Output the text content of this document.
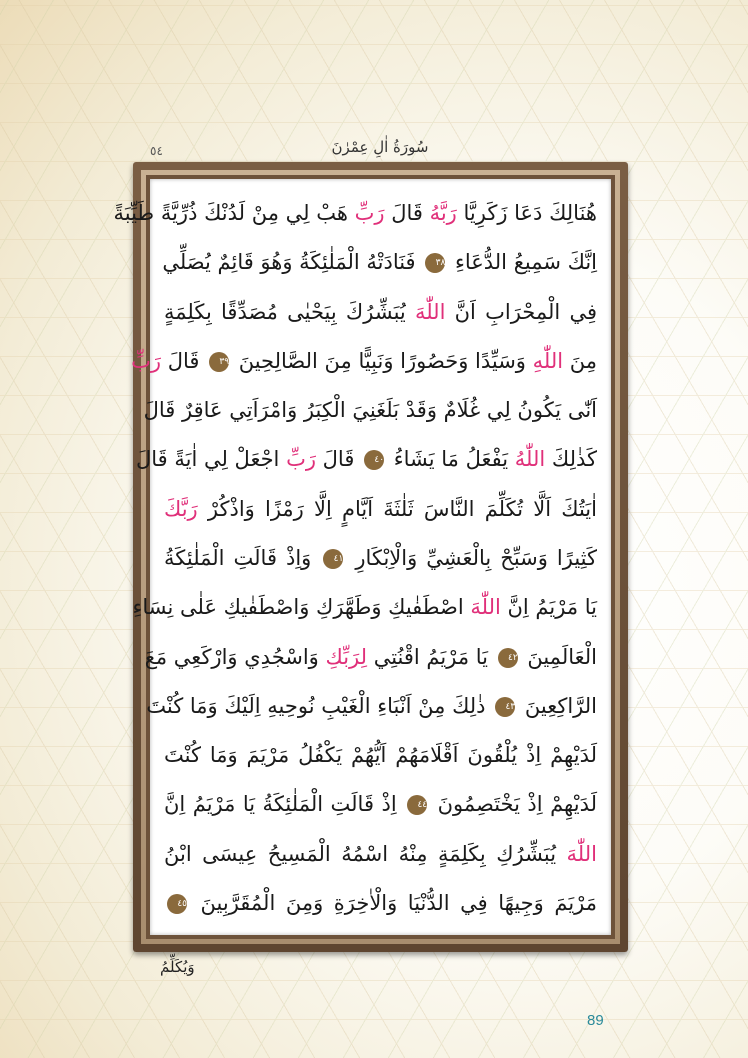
سُورَةُ اٰلِ عِمْرٰنَ
٥٤
هُنَالِكَ دَعَا زَكَرِيَّا رَبَّهُ قَالَ رَبِّ هَبْ لِي مِنْ لَدُنْكَ ذُرِّيَّةً طَيِّبَةً
اِنَّكَ سَمِيعُ الدُّعَاءِ ٣٨ فَنَادَتْهُ الْمَلٰئِكَةُ وَهُوَ قَائِمٌ يُصَلِّي
فِي الْمِحْرَابِ اَنَّ اللّٰهَ يُبَشِّرُكَ بِيَحْيٰى مُصَدِّقًا بِكَلِمَةٍ
مِنَ اللّٰهِ وَسَيِّدًا وَحَصُورًا وَنَبِيًّا مِنَ الصَّالِحِينَ ٣٩ قَالَ رَبِّ
اَنّٰى يَكُونُ لِي غُلَامٌ وَقَدْ بَلَغَنِيَ الْكِبَرُ وَامْرَاَتِي عَاقِرٌ قَالَ
كَذٰلِكَ اللّٰهُ يَفْعَلُ مَا يَشَاءُ ٤٠ قَالَ رَبِّ اجْعَلْ لِي اٰيَةً قَالَ
اٰيَتُكَ اَلَّا تُكَلِّمَ النَّاسَ ثَلٰثَةَ اَيَّامٍ اِلَّا رَمْزًا وَاذْكُرْ رَبَّكَ
كَثِيرًا وَسَبِّحْ بِالْعَشِيِّ وَالْاِبْكَارِ ٤١ وَاِذْ قَالَتِ الْمَلٰئِكَةُ
يَا مَرْيَمُ اِنَّ اللّٰهَ اصْطَفٰيكِ وَطَهَّرَكِ وَاصْطَفٰيكِ عَلٰى نِسَاءِ
الْعَالَمِينَ ٤٢ يَا مَرْيَمُ اقْنُتِي لِرَبِّكِ وَاسْجُدِي وَارْكَعِي مَعَ
الرَّاكِعِينَ ٤٣ ذٰلِكَ مِنْ اَنْبَاءِ الْغَيْبِ نُوحِيهِ اِلَيْكَ وَمَا كُنْتَ
لَدَيْهِمْ اِذْ يُلْقُونَ اَقْلَامَهُمْ اَيُّهُمْ يَكْفُلُ مَرْيَمَ وَمَا كُنْتَ
لَدَيْهِمْ اِذْ يَخْتَصِمُونَ ٤٤ اِذْ قَالَتِ الْمَلٰئِكَةُ يَا مَرْيَمُ اِنَّ
اللّٰهَ يُبَشِّرُكِ بِكَلِمَةٍ مِنْهُ اسْمُهُ الْمَسِيحُ عِيسَى ابْنُ
مَرْيَمَ وَجِيهًا فِي الدُّنْيَا وَالْاٰخِرَةِ وَمِنَ الْمُقَرَّبِينَ ٤٥
وَيُكَلِّمُ
89
